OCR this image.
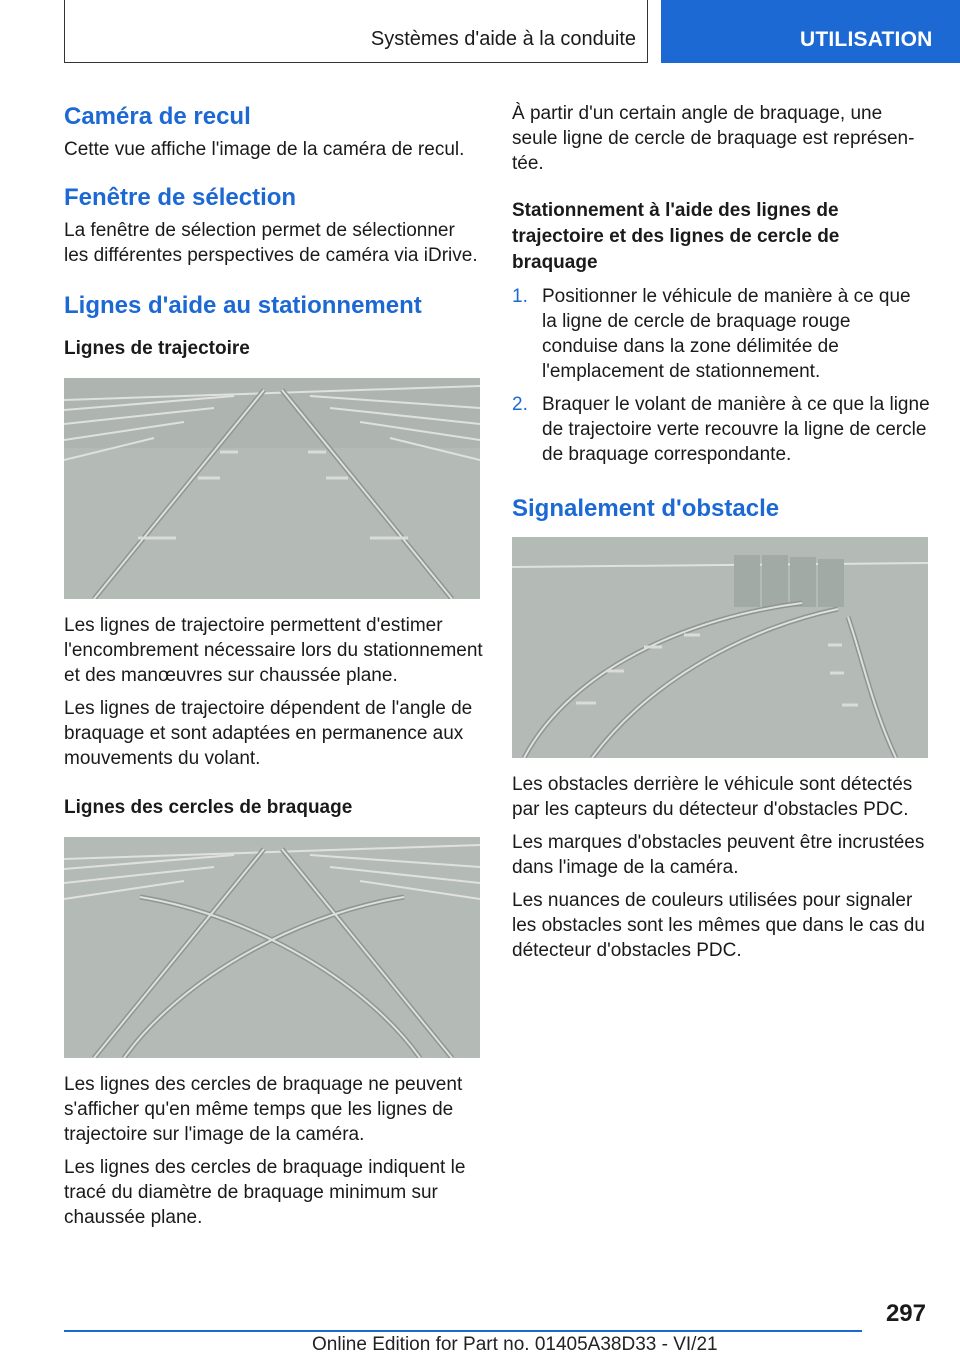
Systèmes d'aide à la conduite	UTILISATION
Caméra de recul

Cette vue affiche l'image de la caméra de recul.

Fenêtre de sélection

La fenêtre de sélection permet de sélectionner les différentes perspectives de caméra via iDrive.

Lignes d'aide au stationnement
Lignes de trajectoire

Les lignes de trajectoire permettent d'estimer l'encombrement nécessaire lors du stationnement et des manœuvres sur chaussée plane.

Les lignes de trajectoire dépendent de l'angle de braquage et sont adaptées en permanence aux mouvements du volant.

Lignes des cercles de braquage

Les lignes des cercles de braquage ne peuvent s'afficher qu'en même temps que les lignes de trajectoire sur l'image de la caméra.

Les lignes des cercles de braquage indiquent le tracé du diamètre de braquage minimum sur chaussée plane.

À partir d'un certain angle de braquage, une seule ligne de cercle de braquage est représentée.

Stationnement à l'aide des lignes de trajectoire et des lignes de cercle de braquage
1. Positionner le véhicule de manière à ce que la ligne de cercle de braquage rouge conduise dans la zone délimitée de l'emplacement de stationnement.
2. Braquer le volant de manière à ce que la ligne de trajectoire verte recouvre la ligne de cercle de braquage correspondante.
Signalement d'obstacle

Les obstacles derrière le véhicule sont détectés par les capteurs du détecteur d'obstacles PDC.

Les marques d'obstacles peuvent être incrustées dans l'image de la caméra.

Les nuances de couleurs utilisées pour signaler les obstacles sont les mêmes que dans le cas du détecteur d'obstacles PDC.

297
Online Edition for Part no. 01405A38D33 - VI/21
